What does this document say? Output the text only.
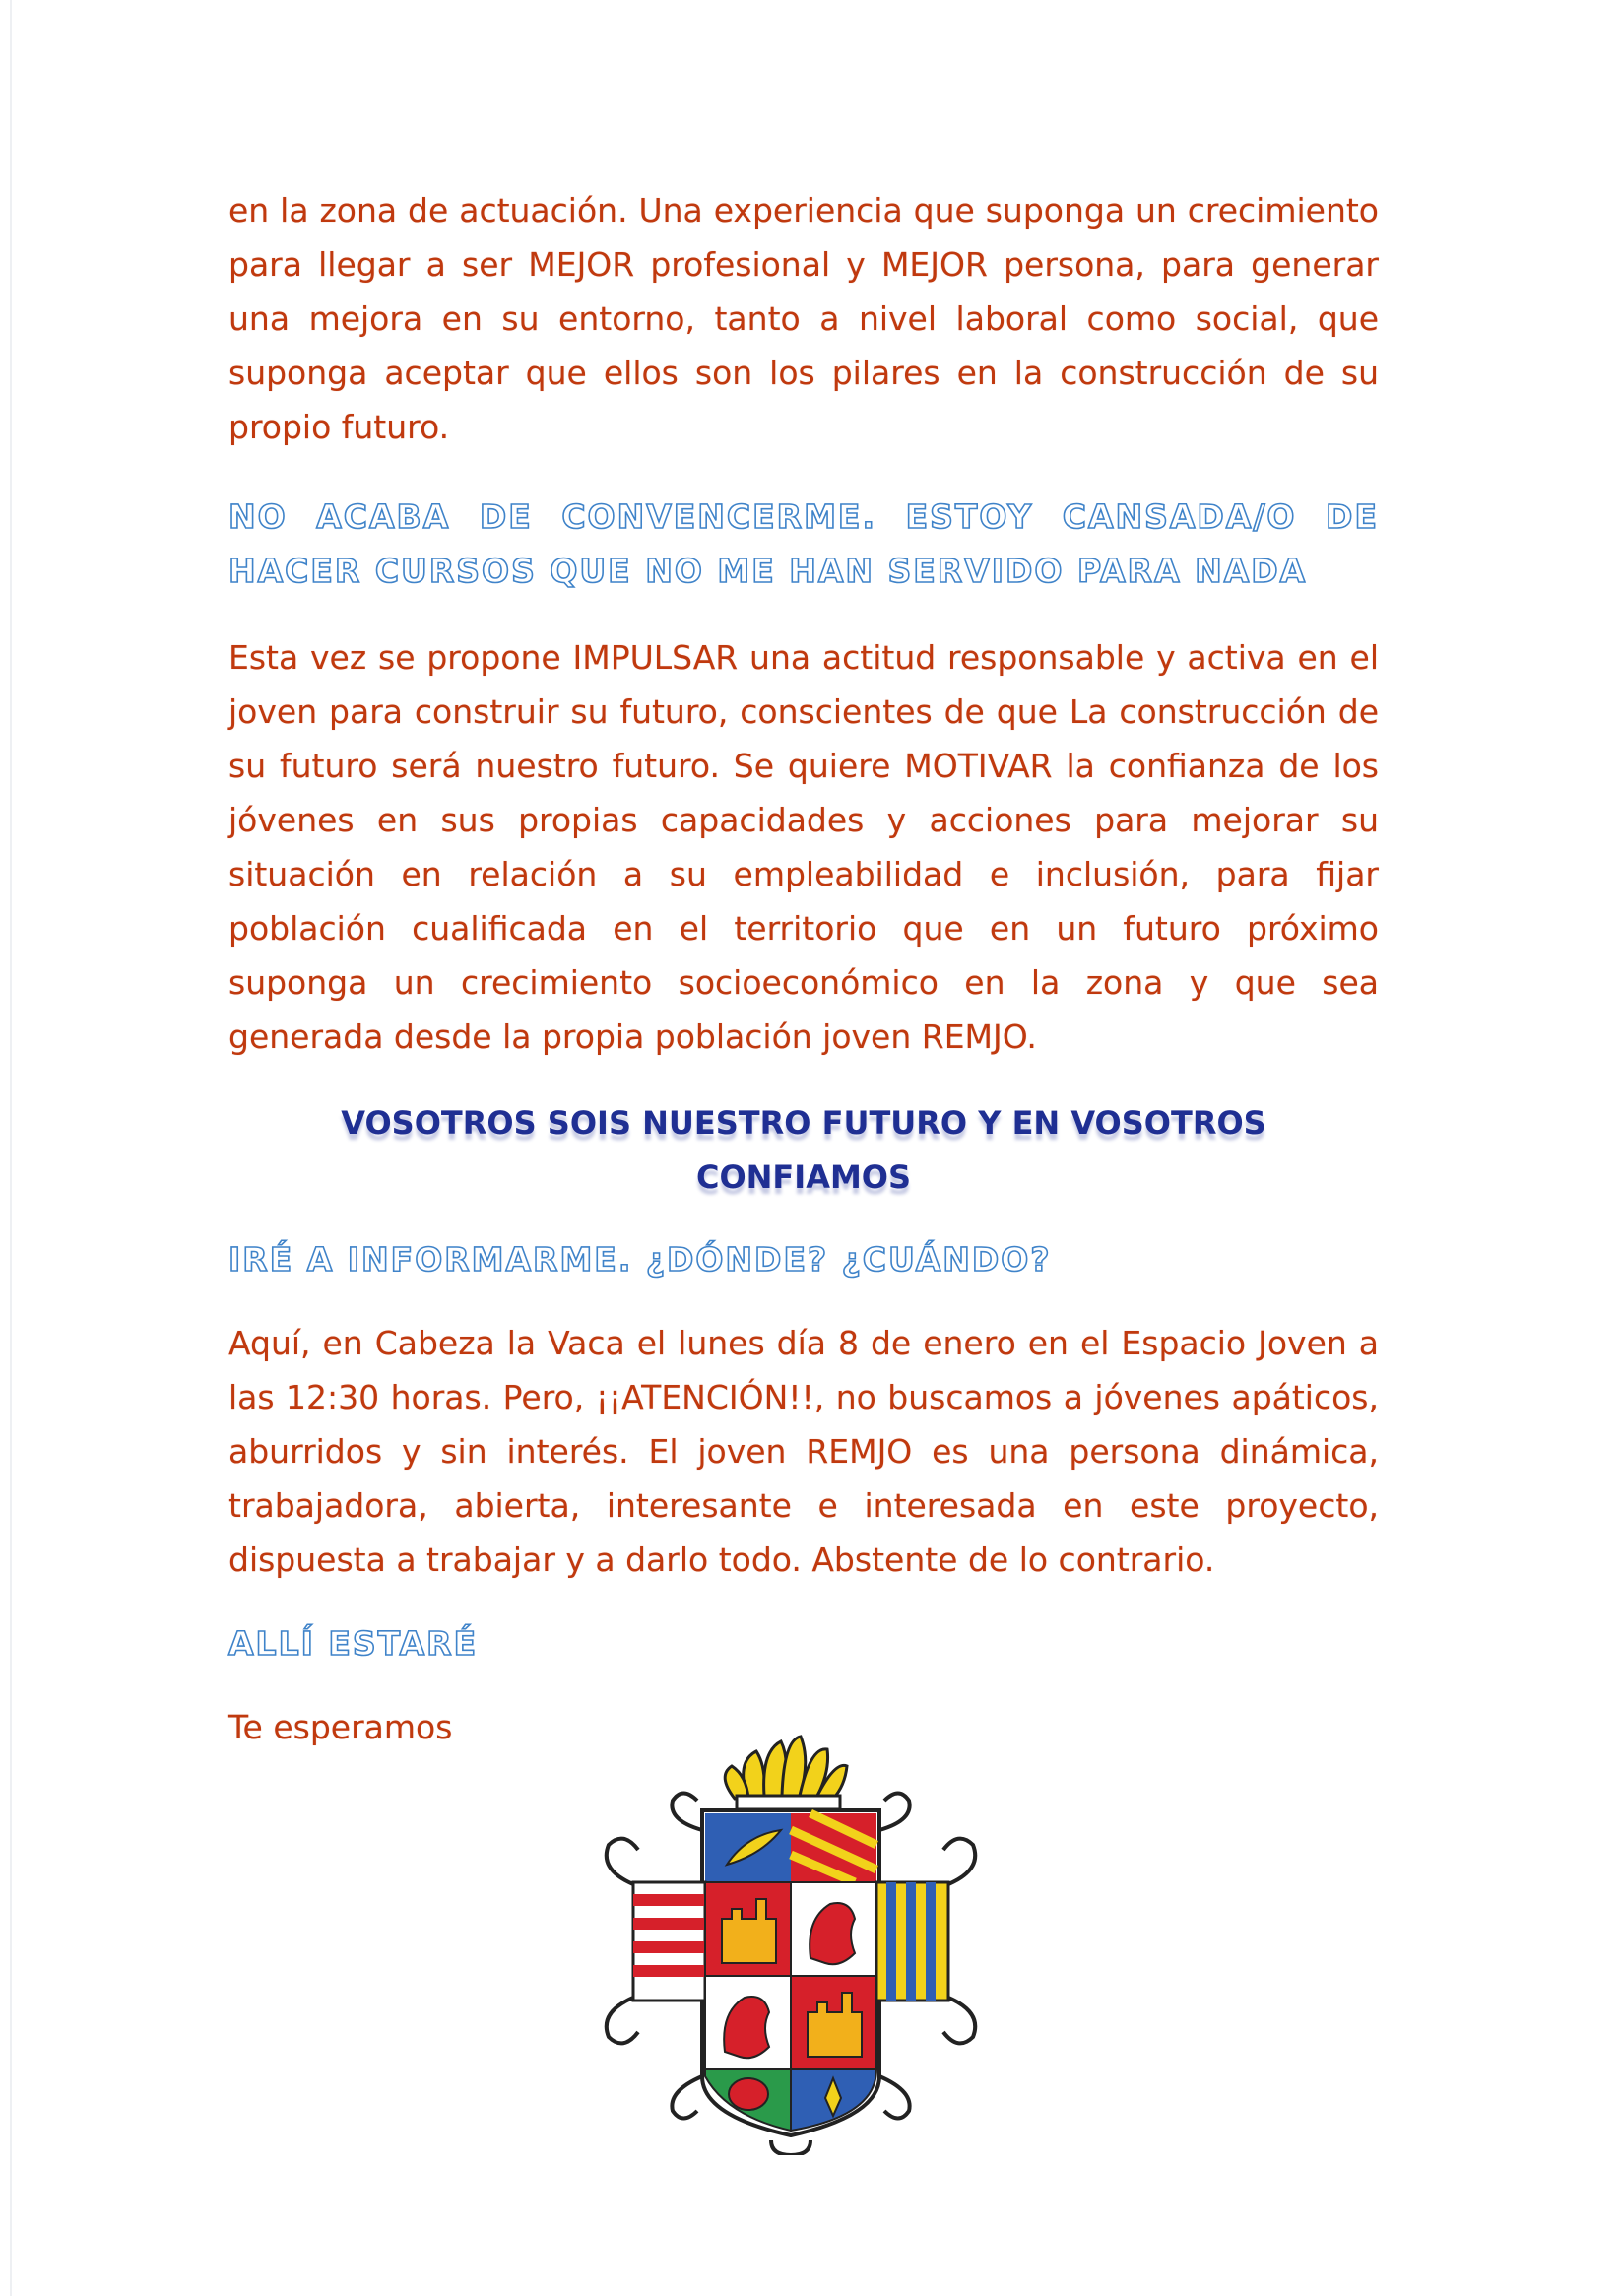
en la zona de actuación. Una experiencia que suponga un crecimiento para llegar a ser MEJOR profesional y MEJOR persona, para generar una mejora en su entorno, tanto a nivel laboral como social, que suponga aceptar que ellos son los pilares en la construcción de su propio futuro.

NO ACABA DE CONVENCERME. ESTOY CANSADA/O DE HACER CURSOS QUE NO ME HAN SERVIDO PARA NADA

Esta vez se propone IMPULSAR una actitud responsable y activa en el joven para construir su futuro, conscientes de que La construcción de su futuro será nuestro futuro. Se quiere MOTIVAR la confianza de los jóvenes en sus propias capacidades y acciones para mejorar su situación en relación a su empleabilidad e inclusión, para fijar población cualificada en el territorio que en un futuro próximo suponga un crecimiento socioeconómico en la zona y que sea generada desde la propia población joven REMJO.

VOSOTROS SOIS NUESTRO FUTURO Y EN VOSOTROS CONFIAMOS

IRÉ A INFORMARME. ¿DÓNDE? ¿CUÁNDO?

Aquí, en Cabeza la Vaca el lunes día 8 de enero en el Espacio Joven a las 12:30 horas. Pero, ¡¡ATENCIÓN!!, no buscamos a jóvenes apáticos, aburridos y sin interés. El joven REMJO es una persona dinámica, trabajadora, abierta, interesante e interesada en este proyecto, dispuesta a trabajar y a darlo todo. Abstente de lo contrario.

ALLÍ ESTARÉ

Te esperamos
